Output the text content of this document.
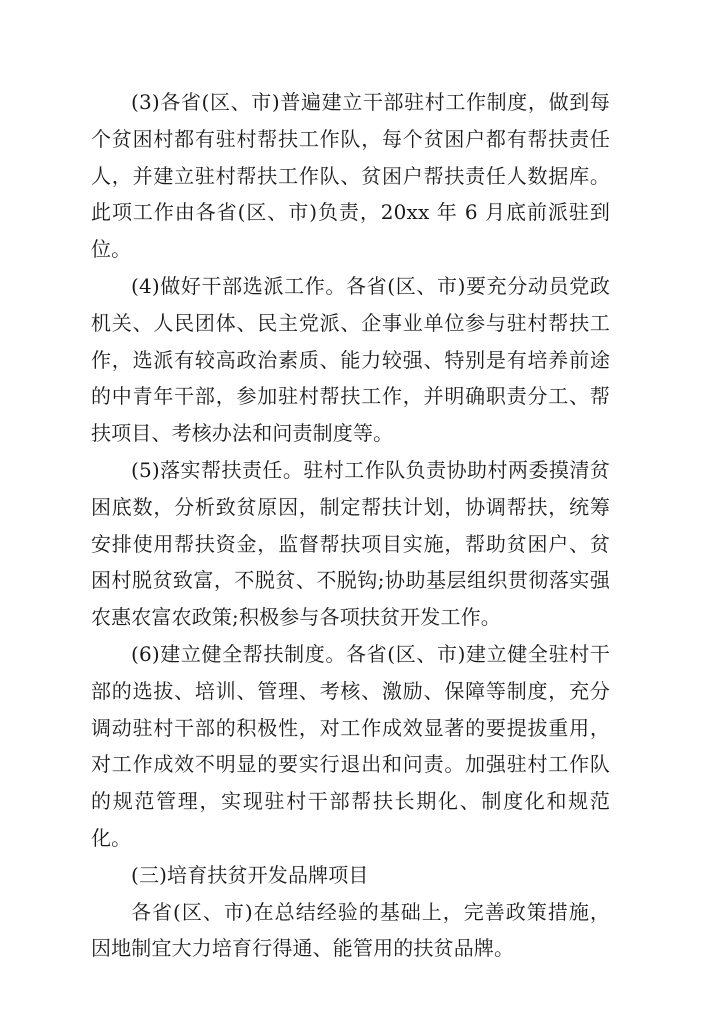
(3)各省(区、市)普遍建立干部驻村工作制度，做到每个贫困村都有驻村帮扶工作队，每个贫困户都有帮扶责任人，并建立驻村帮扶工作队、贫困户帮扶责任人数据库。此项工作由各省(区、市)负责，20xx 年 6 月底前派驻到位。

(4)做好干部选派工作。各省(区、市)要充分动员党政机关、人民团体、民主党派、企事业单位参与驻村帮扶工作，选派有较高政治素质、能力较强、特别是有培养前途的中青年干部，参加驻村帮扶工作，并明确职责分工、帮扶项目、考核办法和问责制度等。

(5)落实帮扶责任。驻村工作队负责协助村两委摸清贫困底数，分析致贫原因，制定帮扶计划，协调帮扶，统筹安排使用帮扶资金，监督帮扶项目实施，帮助贫困户、贫困村脱贫致富，不脱贫、不脱钩;协助基层组织贯彻落实强农惠农富农政策;积极参与各项扶贫开发工作。

(6)建立健全帮扶制度。各省(区、市)建立健全驻村干部的选拔、培训、管理、考核、激励、保障等制度，充分调动驻村干部的积极性，对工作成效显著的要提拔重用，对工作成效不明显的要实行退出和问责。加强驻村工作队的规范管理，实现驻村干部帮扶长期化、制度化和规范化。

(三)培育扶贫开发品牌项目

各省(区、市)在总结经验的基础上，完善政策措施，因地制宜大力培育行得通、能管用的扶贫品牌。
